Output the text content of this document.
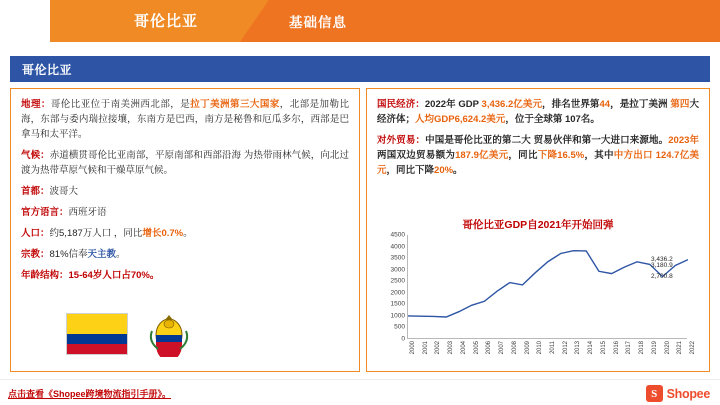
哥伦比亚	基础信息
哥伦比亚

地理：哥伦比亚位于南美洲西北部，是拉丁美洲第三大国家，北部是加勒比海，东部与委内瑞拉接壤，东南方是巴西，南方是秘鲁和厄瓜多尔，西部是巴拿马和太平洋。

气候：赤道横贯哥伦比亚南部，平原南部和西部沿海 为热带雨林气候，向北过渡为热带草原气候和干燥草原气候。

首都：波哥大

官方语言：西班牙语

人口：约5,187万人口 ，同比增长0.7%。

宗教：81%信奉天主教。

年龄结构：15-64岁人口占70%。

国民经济：2022年 GDP 3,436.2亿美元，排名世界第44，是拉丁美洲 第四大经济体；人均GDP6,624.2美元，位于全球第 107名。

对外贸易：中国是哥伦比亚的第二大 贸易伙伴和第一大进口来源地。2023年两国双边贸易额为187.9亿美元，同比下降16.5%，其中中方出口 124.7亿美元，同比下降20%。

哥伦比亚GDP自2021年开始回弹
0
500
1000
1500
2000
2500
3000
3500
4000
4500
2000 2001 2002 2003 2004 2005 2006 2007 2008 2009 2010 2011 2012 2013 2014 2015 2016 2017 2018 2019 2020 2021 2022
3,436.2
3,180.9
2,700.8
点击查看《Shopee跨境物流指引手册》。	S Shopee
